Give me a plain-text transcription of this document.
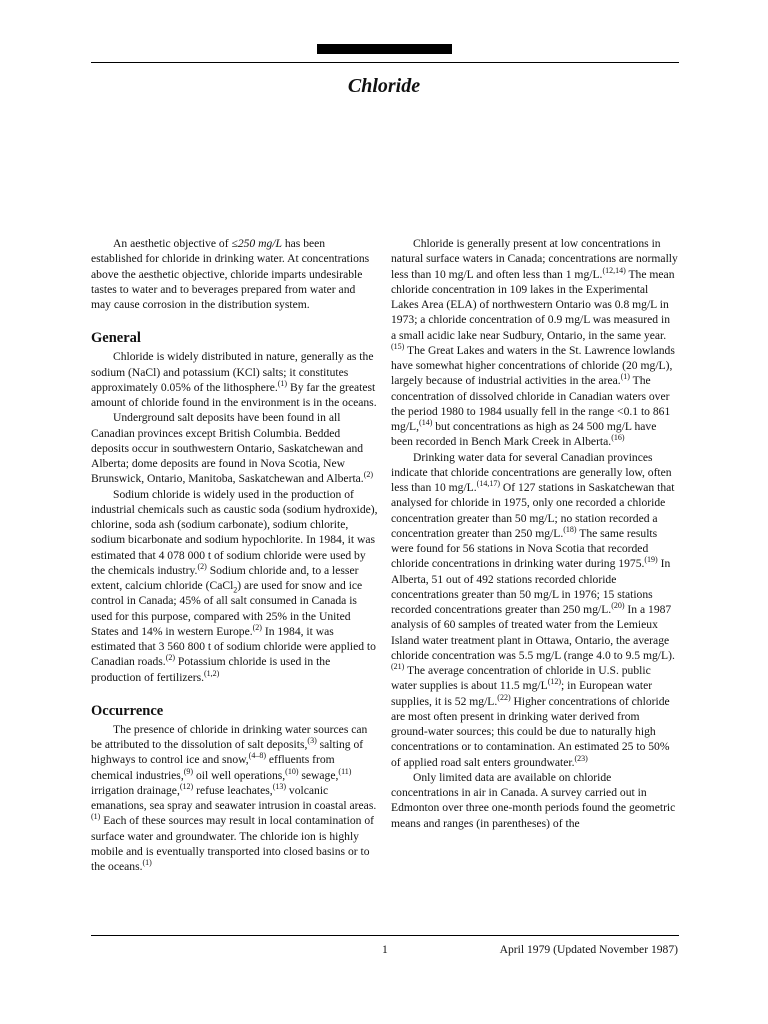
Chloride

An aesthetic objective of ≤250 mg/L has been established for chloride in drinking water. At concentrations above the aesthetic objective, chloride imparts undesirable tastes to water and to beverages prepared from water and may cause corrosion in the distribution system.

General

Chloride is widely distributed in nature, generally as the sodium (NaCl) and potassium (KCl) salts; it constitutes approximately 0.05% of the lithosphere.$^{(1)}$ By far the greatest amount of chloride found in the environment is in the oceans.

Underground salt deposits have been found in all Canadian provinces except British Columbia. Bedded deposits occur in southwestern Ontario, Saskatchewan and Alberta; dome deposits are found in Nova Scotia, New Brunswick, Ontario, Manitoba, Saskatchewan and Alberta.$^{(2)}$

Sodium chloride is widely used in the production of industrial chemicals such as caustic soda (sodium hydroxide), chlorine, soda ash (sodium carbonate), sodium chlorite, sodium bicarbonate and sodium hypochlorite. In 1984, it was estimated that 4 078 000 t of sodium chloride were used by the chemicals industry.$^{(2)}$ Sodium chloride and, to a lesser extent, calcium chloride (CaCl$_2$) are used for snow and ice control in Canada; 45% of all salt consumed in Canada is used for this purpose, compared with 25% in the United States and 14% in western Europe.$^{(2)}$ In 1984, it was estimated that 3 560 800 t of sodium chloride were applied to Canadian roads.$^{(2)}$ Potassium chloride is used in the production of fertilizers.$^{(1,2)}$

Occurrence

The presence of chloride in drinking water sources can be attributed to the dissolution of salt deposits,$^{(3)}$ salting of highways to control ice and snow,$^{(4-8)}$ effluents from chemical industries,$^{(9)}$ oil well operations,$^{(10)}$ sewage,$^{(11)}$ irrigation drainage,$^{(12)}$ refuse leachates,$^{(13)}$ volcanic emanations, sea spray and seawater intrusion in coastal areas.$^{(1)}$ Each of these sources may result in local contamination of surface water and groundwater. The chloride ion is highly mobile and is eventually transported into closed basins or to the oceans.$^{(1)}$

Chloride is generally present at low concentrations in natural surface waters in Canada; concentrations are normally less than 10 mg/L and often less than 1 mg/L.$^{(12,14)}$ The mean chloride concentration in 109 lakes in the Experimental Lakes Area (ELA) of northwestern Ontario was 0.8 mg/L in 1973; a chloride concentration of 0.9 mg/L was measured in a small acidic lake near Sudbury, Ontario, in the same year.$^{(15)}$ The Great Lakes and waters in the St. Lawrence lowlands have somewhat higher concentrations of chloride (20 mg/L), largely because of industrial activities in the area.$^{(1)}$ The concentration of dissolved chloride in Canadian waters over the period 1980 to 1984 usually fell in the range <0.1 to 861 mg/L,$^{(14)}$ but concentrations as high as 24 500 mg/L have been recorded in Bench Mark Creek in Alberta.$^{(16)}$

Drinking water data for several Canadian provinces indicate that chloride concentrations are generally low, often less than 10 mg/L.$^{(14,17)}$ Of 127 stations in Saskatchewan that analysed for chloride in 1975, only one recorded a chloride concentration greater than 50 mg/L; no station recorded a concentration greater than 250 mg/L.$^{(18)}$ The same results were found for 56 stations in Nova Scotia that recorded chloride concentrations in drinking water during 1975.$^{(19)}$ In Alberta, 51 out of 492 stations recorded chloride concentrations greater than 50 mg/L in 1976; 15 stations recorded concentrations greater than 250 mg/L.$^{(20)}$ In a 1987 analysis of 60 samples of treated water from the Lemieux Island water treatment plant in Ottawa, Ontario, the average chloride concentration was 5.5 mg/L (range 4.0 to 9.5 mg/L).$^{(21)}$ The average concentration of chloride in U.S. public water supplies is about 11.5 $mg/L^{(12)}$; in European water supplies, it is 52 mg/L.$^{(22)}$ Higher concentrations of chloride are most often present in drinking water derived from ground-water sources; this could be due to naturally high concentrations or to contamination. An estimated 25 to 50% of applied road salt enters groundwater.$^{(23)}$

Only limited data are available on chloride concentrations in air in Canada. A survey carried out in Edmonton over three one-month periods found the geometric means and ranges (in parentheses) of the

1	April 1979 (Updated November 1987)
